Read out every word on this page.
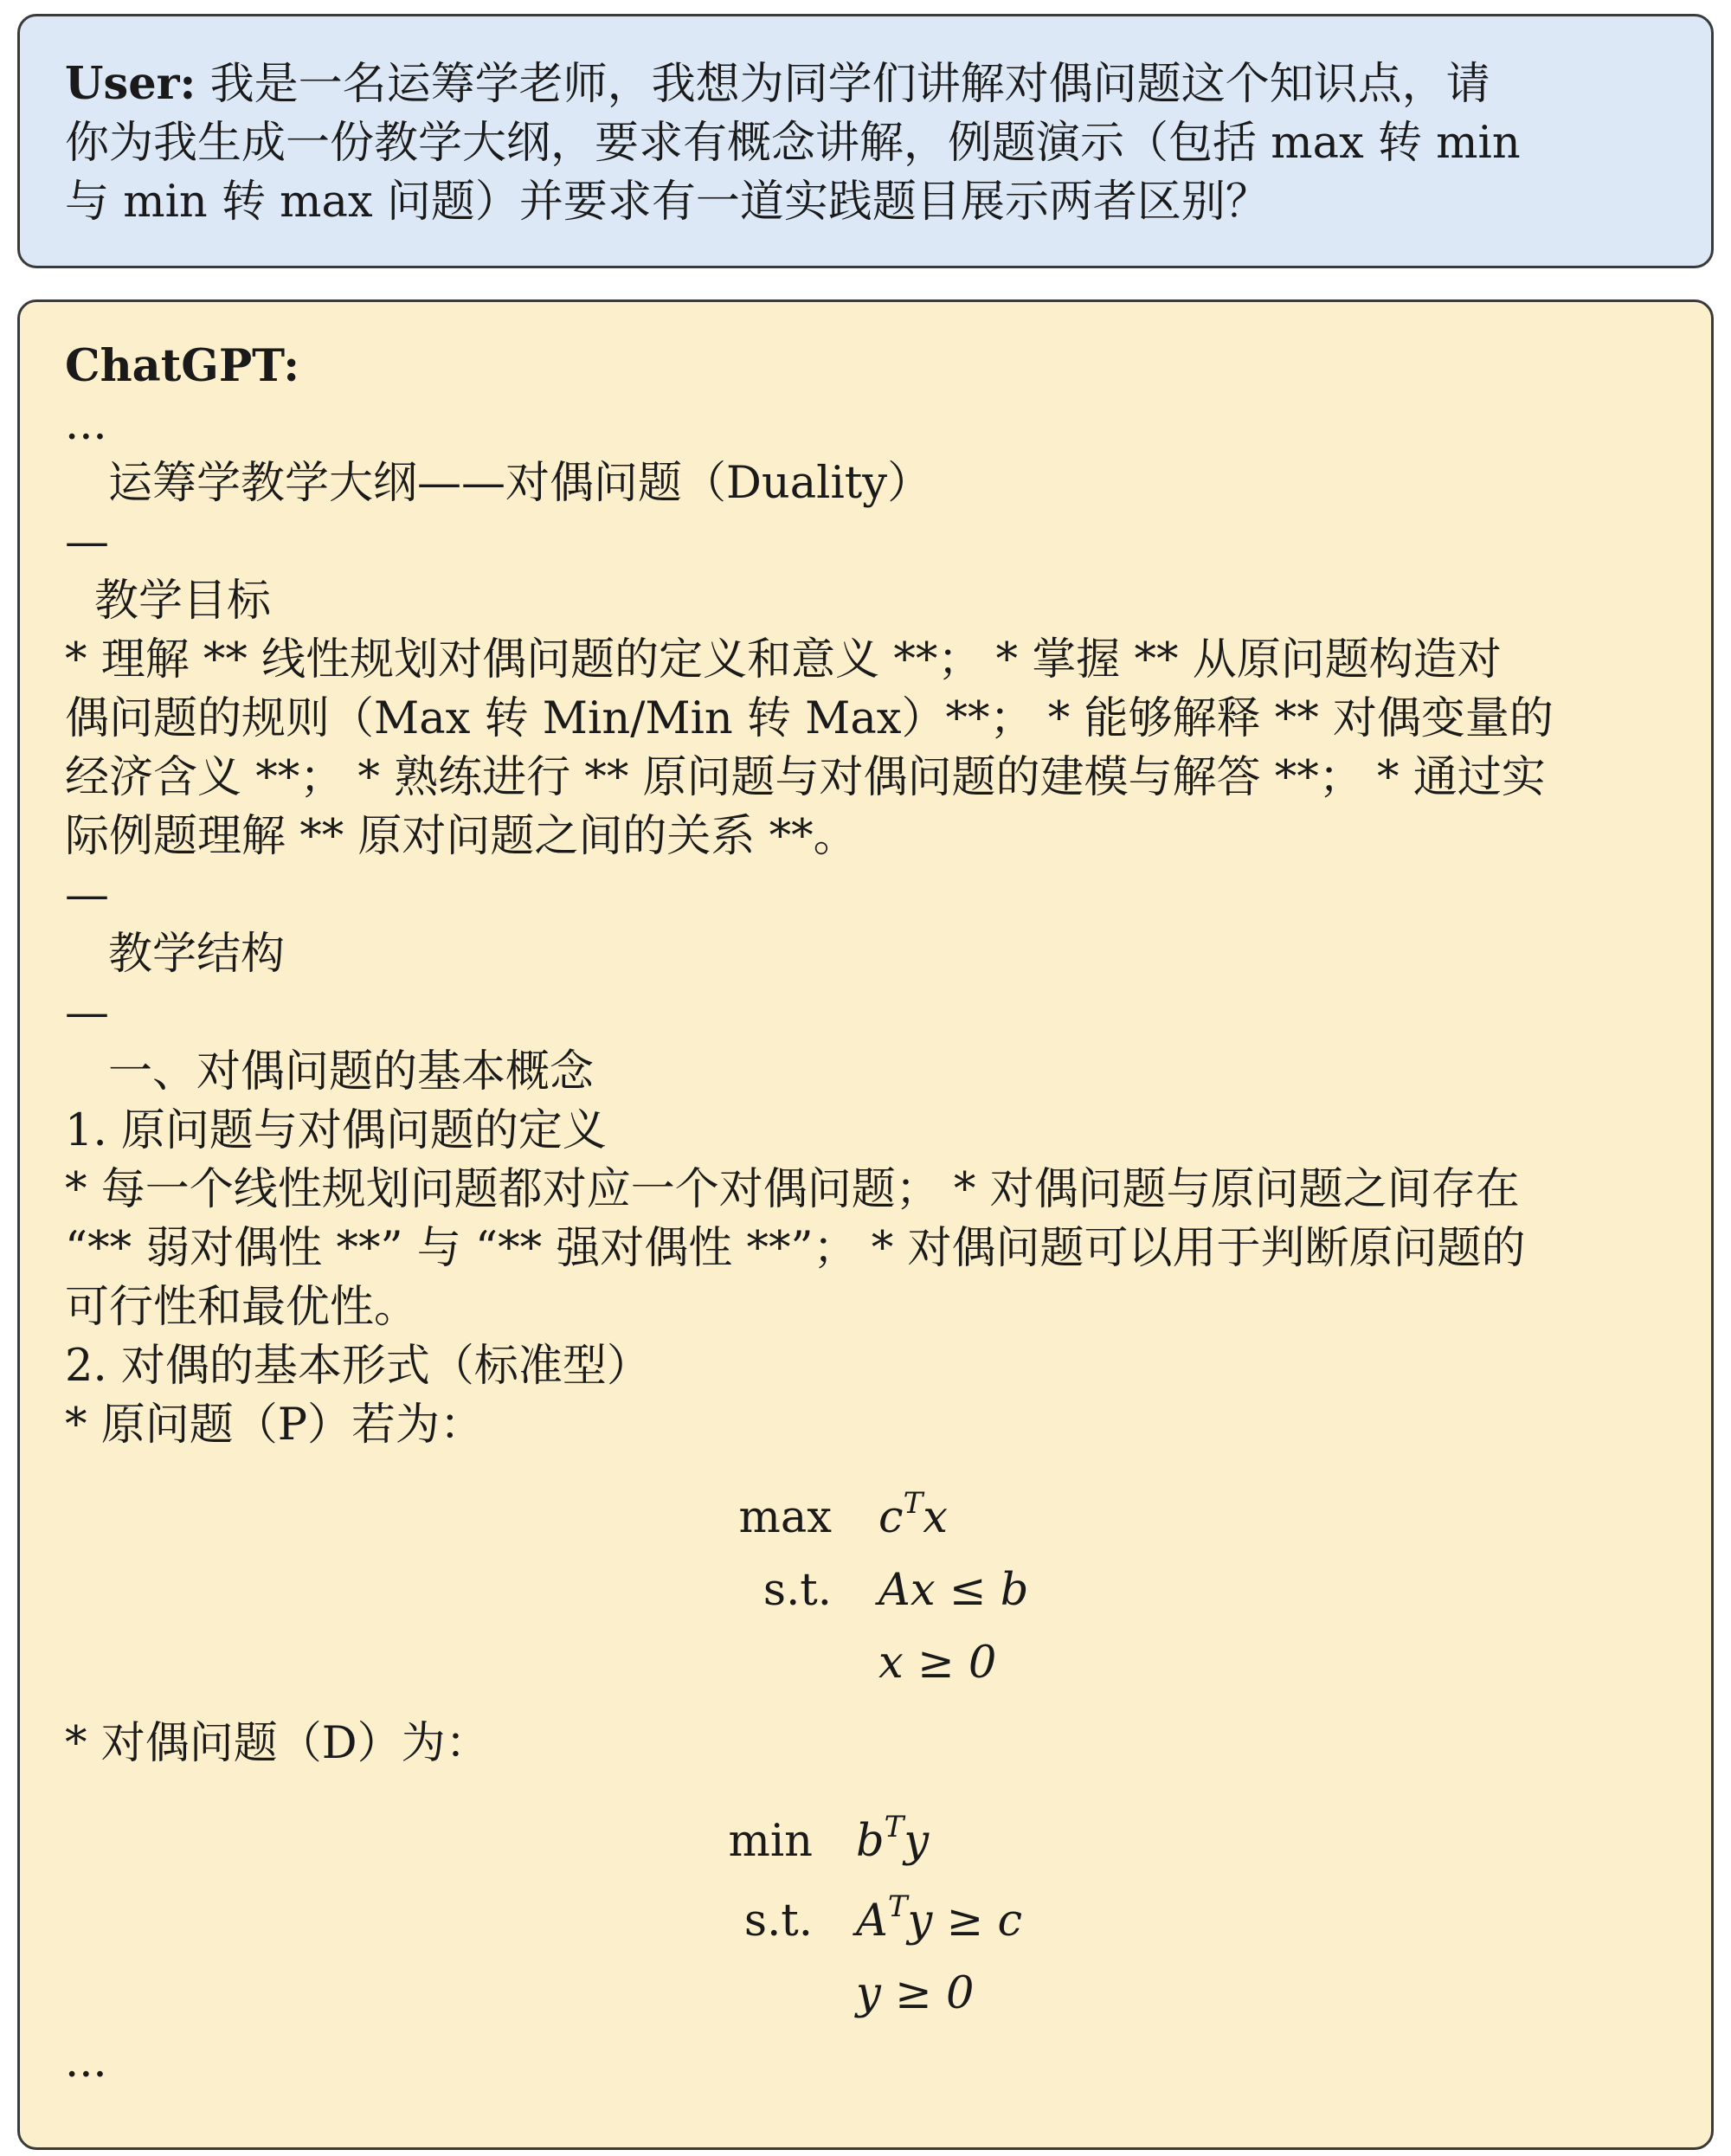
User: 我是一名运筹学老师，我想为同学们讲解对偶问题这个知识点，请
你为我生成一份教学大纲，要求有概念讲解，例题演示（包括 max 转 min
与 min 转 max 问题）并要求有一道实践题目展示两者区别？
ChatGPT:
...
运筹学教学大纲——对偶问题（Duality）
—
教学目标
* 理解 ** 线性规划对偶问题的定义和意义 **； * 掌握 ** 从原问题构造对
偶问题的规则（Max 转 Min/Min 转 Max）**； * 能够解释 ** 对偶变量的
经济含义 **； * 熟练进行 ** 原问题与对偶问题的建模与解答 **； * 通过实
际例题理解 ** 原对问题之间的关系 **。
—
教学结构
—
一、对偶问题的基本概念
1. 原问题与对偶问题的定义
* 每一个线性规划问题都对应一个对偶问题； * 对偶问题与原问题之间存在
“** 弱对偶性 **” 与 “** 强对偶性 **”； * 对偶问题可以用于判断原问题的
可行性和最优性。
2. 对偶的基本形式（标准型）
* 原问题（P）若为：
$\max c^Tx$
s.t. Ax ≤ b
x ≥ 0
* 对偶问题（D）为：
$\min b^Ty$
s.t. $A^Ty \ge c$
y ≥ 0
...
